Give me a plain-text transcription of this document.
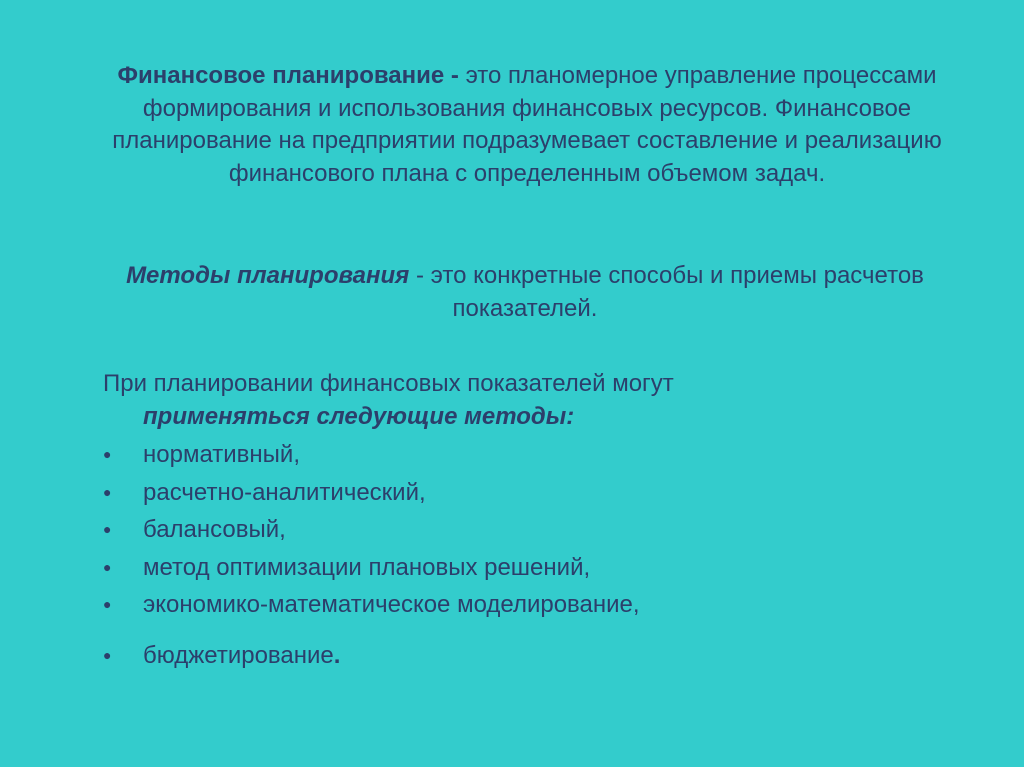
Финансовое планирование - это планомерное управление процессами формирования и использования финансовых ресурсов. Финансовое планирование на предприятии подразумевает составление и реализацию финансового плана с определенным объемом задач.
Методы планирования - это конкретные способы и приемы расчетов показателей.
При планировании финансовых показателей могут
применяться следующие методы:
● нормативный,
● расчетно-аналитический,
● балансовый,
● метод оптимизации плановых решений,
● экономико-математическое моделирование,
● бюджетирование.
